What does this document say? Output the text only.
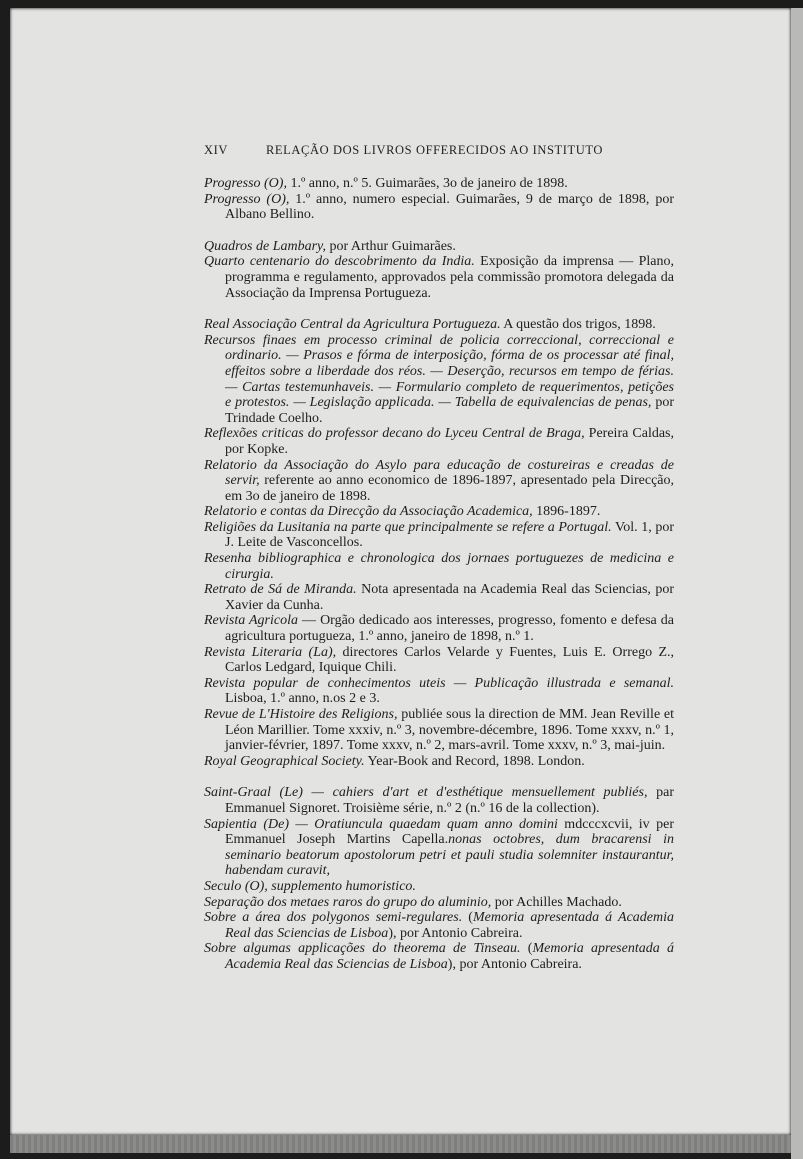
XIV	RELAÇÃO DOS LIVROS OFFERECIDOS AO INSTITUTO

Progresso (O), 1.º anno, n.º 5. Guimarães, 3o de janeiro de 1898.

Progresso (O), 1.º anno, numero especial. Guimarães, 9 de março de 1898, por Albano Bellino.

Quadros de Lambary, por Arthur Guimarães.

Quarto centenario do descobrimento da India. Exposição da imprensa — Plano, programma e regulamento, approvados pela commissão promotora delegada da Associação da Imprensa Portugueza.

Real Associação Central da Agricultura Portugueza. A questão dos trigos, 1898.

Recursos finaes em processo criminal de policia correccional, correccional e ordinario. — Prasos e fórma de interposição, fórma de os processar até final, effeitos sobre a liberdade dos réos. — Deserção, recursos em tempo de férias. — Cartas testemunhaveis. — Formulario completo de requerimentos, petições e protestos. — Legislação applicada. — Tabella de equivalencias de penas, por Trindade Coelho.

Reflexões criticas do professor decano do Lyceu Central de Braga, Pereira Caldas, por Kopke.

Relatorio da Associação do Asylo para educação de costureiras e creadas de servir, referente ao anno economico de 1896-1897, apresentado pela Direcção, em 3o de janeiro de 1898.

Relatorio e contas da Direcção da Associação Academica, 1896-1897.

Religiões da Lusitania na parte que principalmente se refere a Portugal. Vol. 1, por J. Leite de Vasconcellos.

Resenha bibliographica e chronologica dos jornaes portuguezes de medicina e cirurgia.

Retrato de Sá de Miranda. Nota apresentada na Academia Real das Sciencias, por Xavier da Cunha.

Revista Agricola — Orgão dedicado aos interesses, progresso, fomento e defesa da agricultura portugueza, 1.º anno, janeiro de 1898, n.º 1.

Revista Literaria (La), directores Carlos Velarde y Fuentes, Luis E. Orrego Z., Carlos Ledgard, Iquique Chili.

Revista popular de conhecimentos uteis — Publicação illustrada e semanal. Lisboa, 1.º anno, n.os 2 e 3.

Revue de L'Histoire des Religions, publiée sous la direction de MM. Jean Reville et Léon Marillier. Tome xxxiv, n.º 3, novembre-décembre, 1896. Tome xxxv, n.º 1, janvier-février, 1897. Tome xxxv, n.º 2, mars-avril. Tome xxxv, n.º 3, mai-juin.

Royal Geographical Society. Year-Book and Record, 1898. London.

Saint-Graal (Le) — cahiers d'art et d'esthétique mensuellement publiés, par Emmanuel Signoret. Troisième série, n.º 2 (n.º 16 de la collection).

Sapientia (De) — Oratiuncula quaedam quam anno domini mdcccxcvii, iv per Emmanuel Joseph Martins Capella.nonas octobres, dum bracarensi in seminario beatorum apostolorum petri et pauli studia solemniter instaurantur, habendam curavit,

Seculo (O), supplemento humoristico.

Separação dos metaes raros do grupo do aluminio, por Achilles Machado.

Sobre a área dos polygonos semi-regulares. (Memoria apresentada á Academia Real das Sciencias de Lisboa), por Antonio Cabreira.

Sobre algumas applicações do theorema de Tinseau. (Memoria apresentada á Academia Real das Sciencias de Lisboa), por Antonio Cabreira.
